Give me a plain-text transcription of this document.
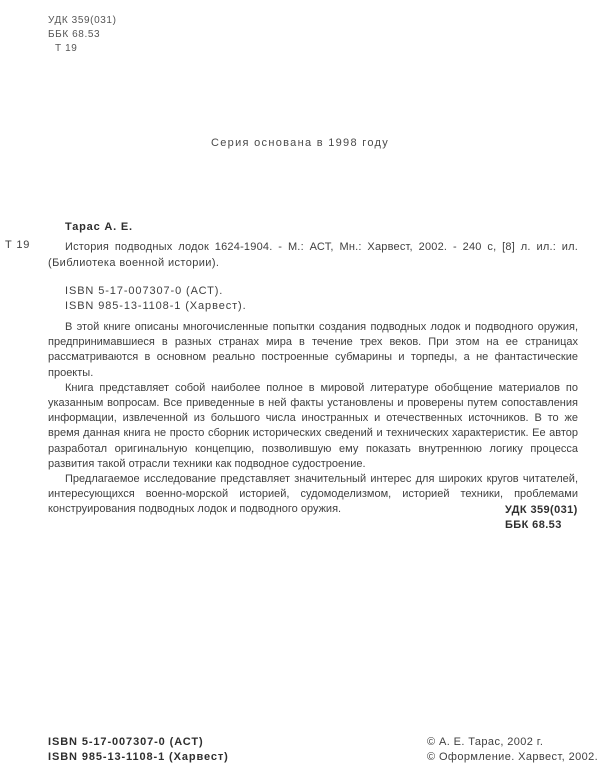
УДК 359(031)
ББК 68.53
Т 19
Серия основана в 1998 году
Тарас А. Е.
Т 19	История подводных лодок 1624-1904. - М.: АСТ, Мн.: Харвест, 2002. - 240 с, [8] л. ил.: ил.
(Библиотека военной истории).
ISBN 5-17-007307-0 (АСТ).
ISBN 985-13-1108-1 (Харвест).

В этой книге описаны многочисленные попытки создания подводных лодок и подводного оружия, предпринимавшиеся в разных странах мира в течение трех веков. При этом на ее страницах рассматриваются в основном реально построенные субмарины и торпеды, а не фантастические проекты.

Книга представляет собой наиболее полное в мировой литературе обобщение материалов по указанным вопросам. Все приведенные в ней факты установлены и проверены путем сопоставления информации, извлеченной из большого числа иностранных и отечественных источников. В то же время данная книга не просто сборник исторических сведений и технических характеристик. Ее автор разработал оригинальную концепцию, позволившую ему показать внутреннюю логику процесса развития такой отрасли техники как подводное судостроение.

Предлагаемое исследование представляет значительный интерес для широких кругов читателей, интересующихся военно-морской историей, судомоделизмом, историей техники, проблемами конструирования подводных лодок и подводного оружия.	УДК 359(031)
ББК 68.53
ISBN 5-17-007307-0 (АСТ)
ISBN 985-13-1108-1 (Харвест)
© А. Е. Тарас, 2002 г.
© Оформление. Харвест, 2002.
